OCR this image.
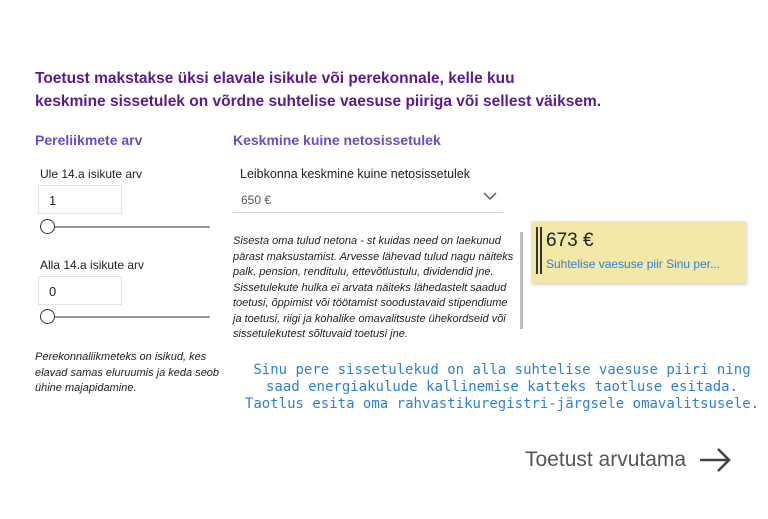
Toetust makstakse üksi elavale isikule või perekonnale, kelle kuu
keskmine sissetulek on võrdne suhtelise vaesuse piiriga või sellest väiksem.
Pereliikmete arv
Ule 14.a isikute arv
1
Alla 14.a isikute arv
0
Perekonnaliikmeteks on isikud, kes elavad samas eluruumis ja keda seob ühine majapidamine.
Keskmine kuine netosissetulek
Leibkonna keskmine kuine netosissetulek
650 €
Sisesta oma tulud netona - st kuidas need on laekunud pärast maksustamist. Arvesse lähevad tulud nagu näiteks palk, pension, renditulu, ettevõtlustulu, dividendid jne.
Sissetulekute hulka ei arvata näiteks lähedastelt saadud toetusi, õppimist või töötamist soodustavaid stipendiume ja toetusi, riigi ja kohalike omavalitsuste ühekordseid või sissetulekutest sõltuvaid toetusi jne.
673 €
Suhtelise vaesuse piir Sinu per...
Sinu pere sissetulekud on alla suhtelise vaesuse piiri ning
saad energiakulude kallinemise katteks taotluse esitada.
Taotlus esita oma rahvastikuregistri-järgsele omavalitsusele.
Toetust arvutama
